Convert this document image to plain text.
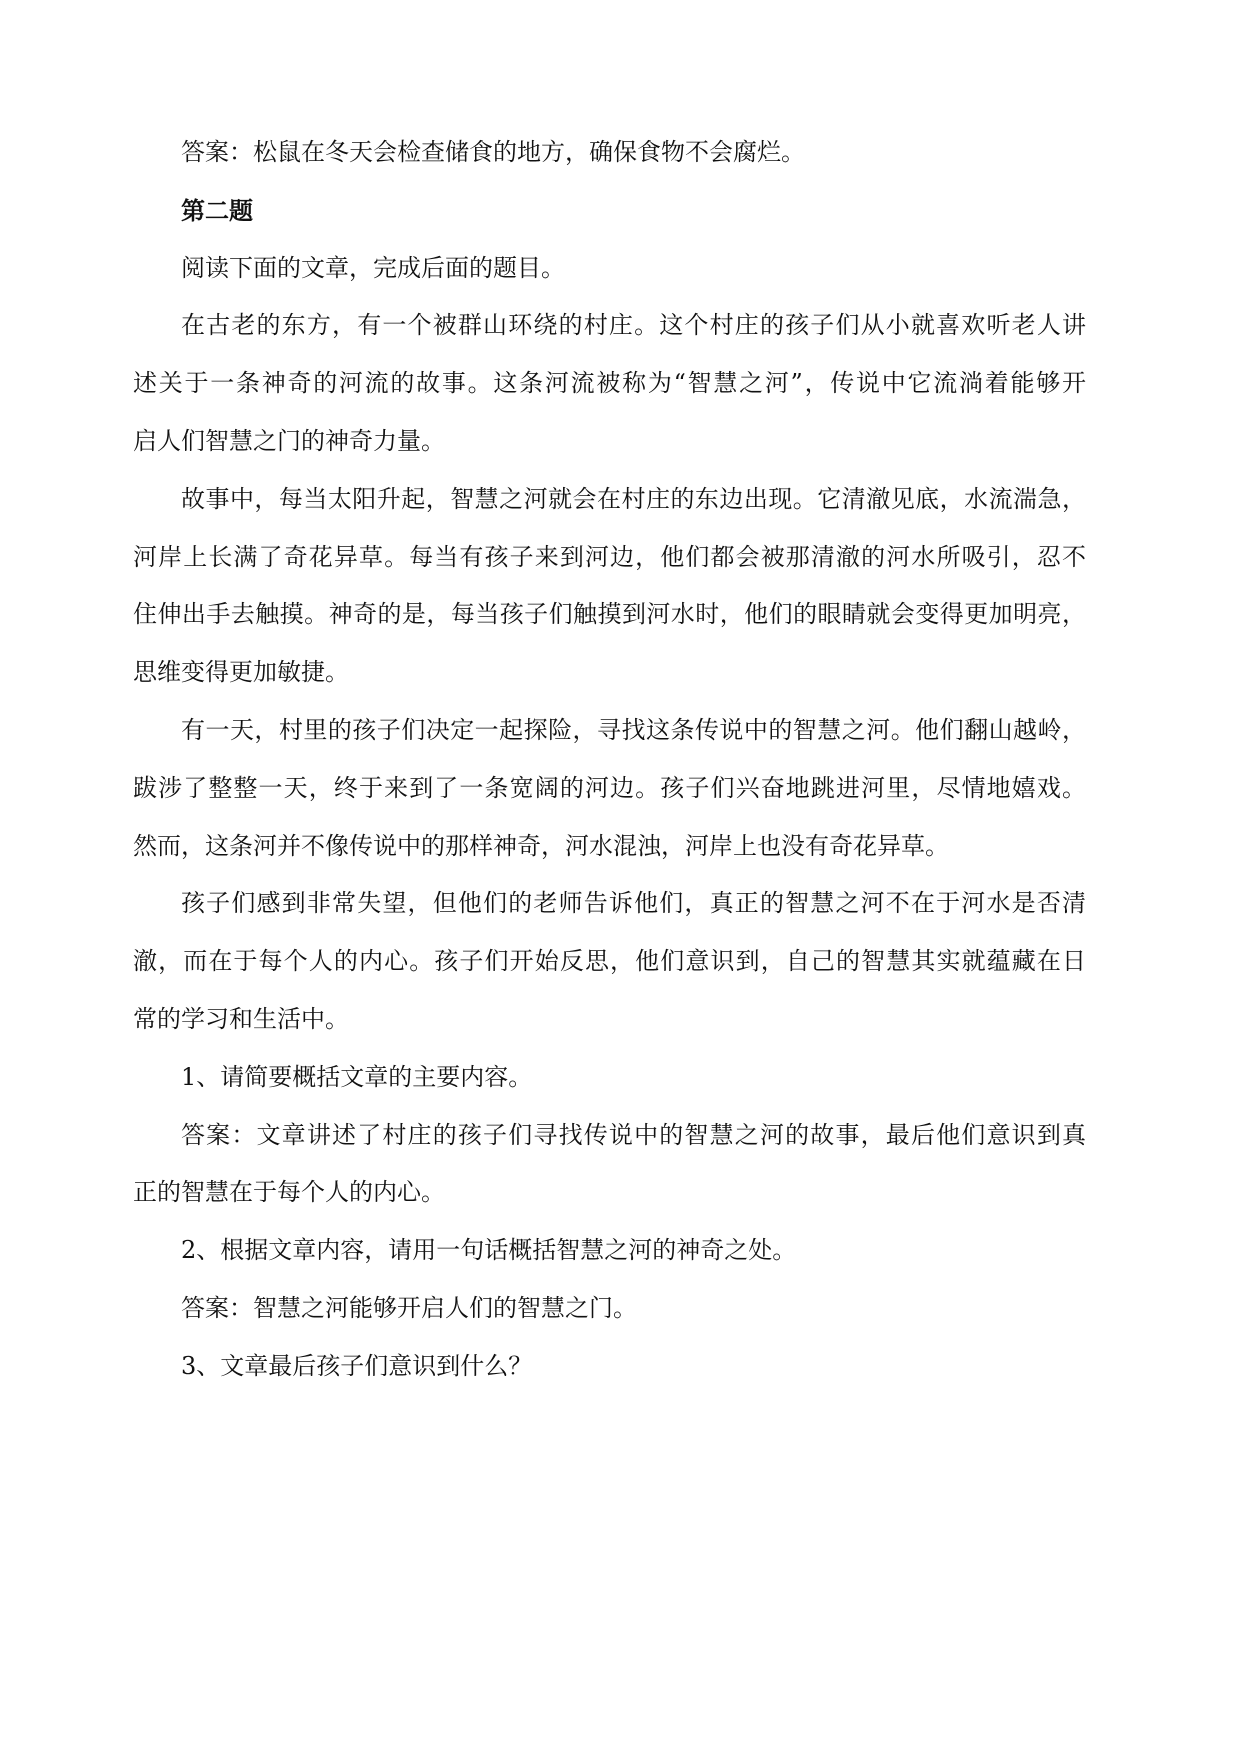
答案：松鼠在冬天会检查储食的地方，确保食物不会腐烂。
第二题
阅读下面的文章，完成后面的题目。
在古老的东方，有一个被群山环绕的村庄。这个村庄的孩子们从小就喜欢听老人讲
述关于一条神奇的河流的故事。这条河流被称为“智慧之河”，传说中它流淌着能够开
启人们智慧之门的神奇力量。
故事中，每当太阳升起，智慧之河就会在村庄的东边出现。它清澈见底，水流湍急，
河岸上长满了奇花异草。每当有孩子来到河边，他们都会被那清澈的河水所吸引，忍不
住伸出手去触摸。神奇的是，每当孩子们触摸到河水时，他们的眼睛就会变得更加明亮，
思维变得更加敏捷。
有一天，村里的孩子们决定一起探险，寻找这条传说中的智慧之河。他们翻山越岭，
跋涉了整整一天，终于来到了一条宽阔的河边。孩子们兴奋地跳进河里，尽情地嬉戏。
然而，这条河并不像传说中的那样神奇，河水混浊，河岸上也没有奇花异草。
孩子们感到非常失望，但他们的老师告诉他们，真正的智慧之河不在于河水是否清
澈，而在于每个人的内心。孩子们开始反思，他们意识到，自己的智慧其实就蕴藏在日
常的学习和生活中。
1、请简要概括文章的主要内容。
答案：文章讲述了村庄的孩子们寻找传说中的智慧之河的故事，最后他们意识到真
正的智慧在于每个人的内心。
2、根据文章内容，请用一句话概括智慧之河的神奇之处。
答案：智慧之河能够开启人们的智慧之门。
3、文章最后孩子们意识到什么？
